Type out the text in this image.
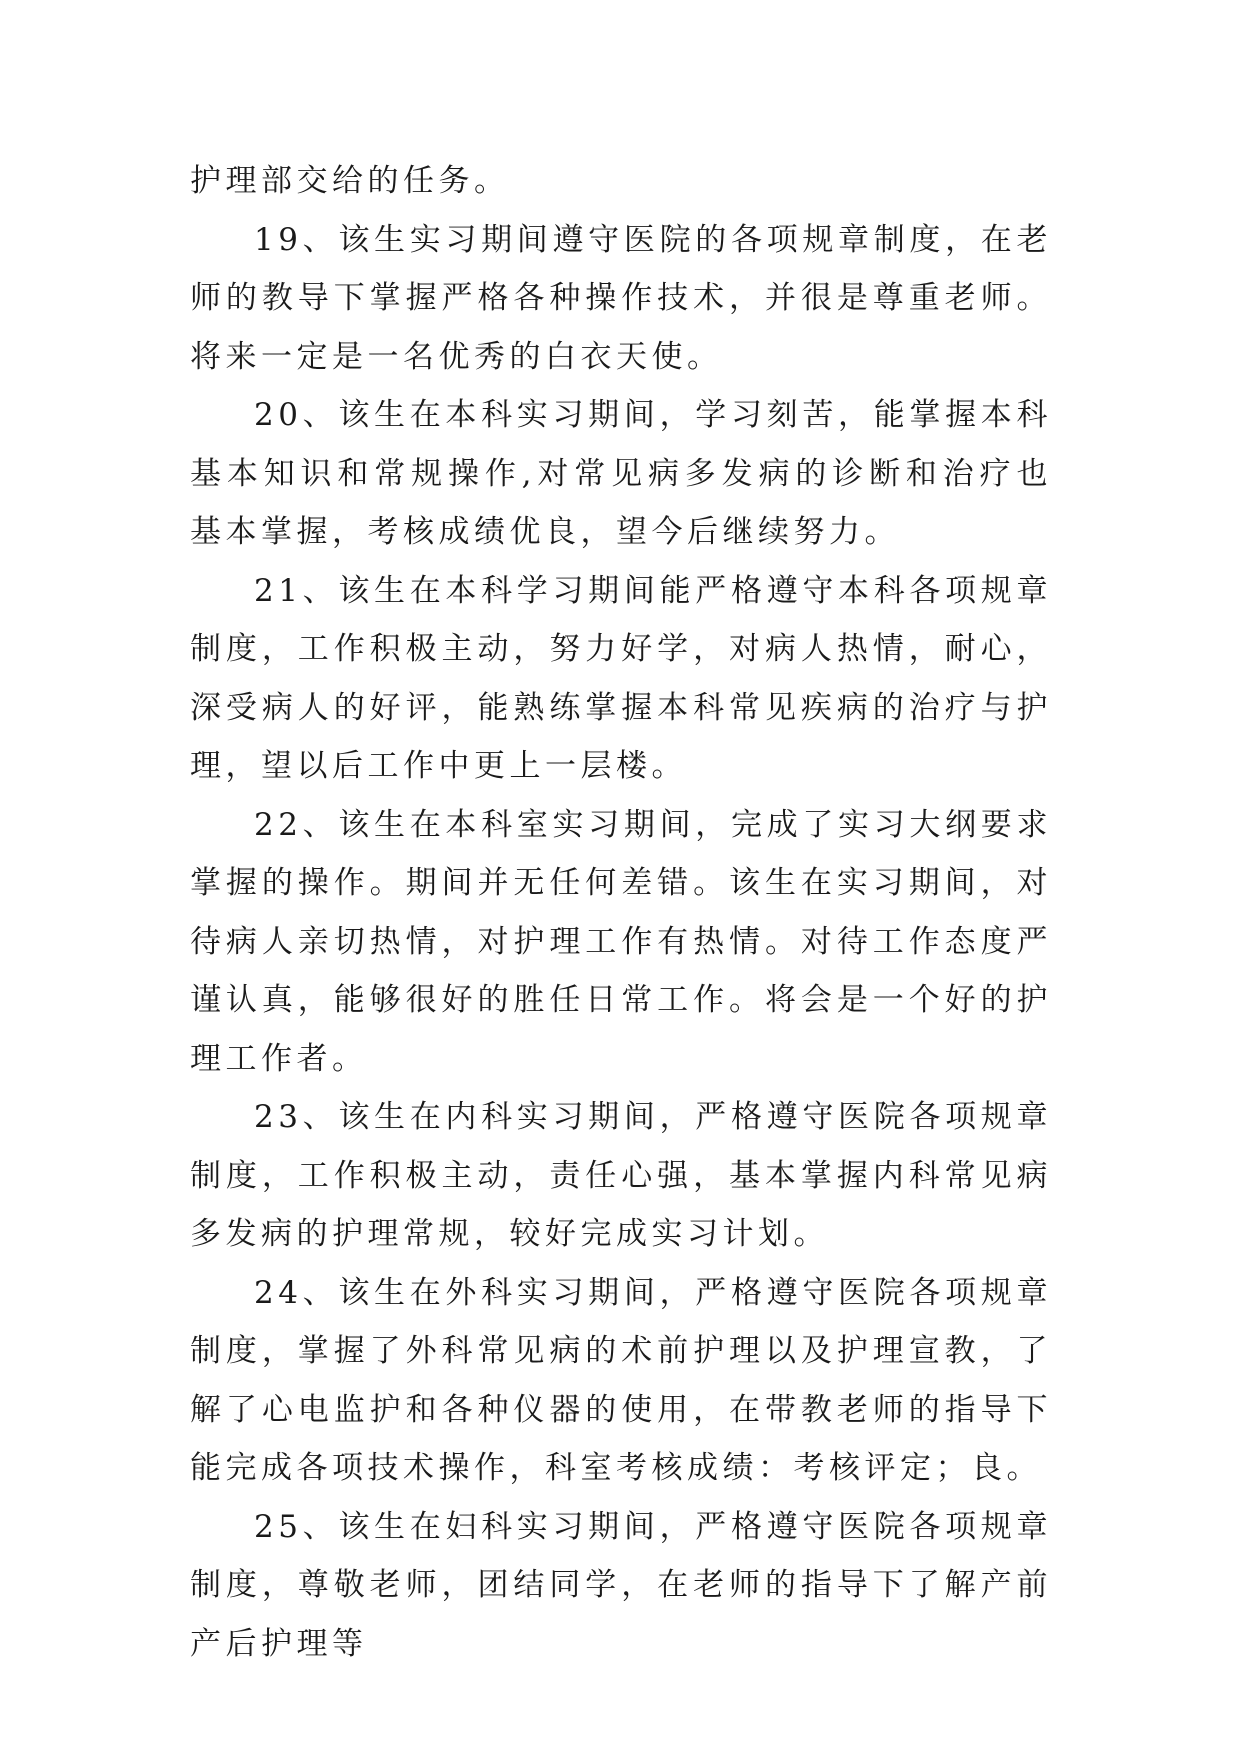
护理部交给的任务。

19、该生实习期间遵守医院的各项规章制度，在老师的教导下掌握严格各种操作技术，并很是尊重老师。将来一定是一名优秀的白衣天使。

20、该生在本科实习期间，学习刻苦，能掌握本科基本知识和常规操作,对常见病多发病的诊断和治疗也基本掌握，考核成绩优良，望今后继续努力。

21、该生在本科学习期间能严格遵守本科各项规章制度，工作积极主动，努力好学，对病人热情，耐心，深受病人的好评，能熟练掌握本科常见疾病的治疗与护理，望以后工作中更上一层楼。

22、该生在本科室实习期间，完成了实习大纲要求掌握的操作。期间并无任何差错。该生在实习期间，对待病人亲切热情，对护理工作有热情。对待工作态度严谨认真，能够很好的胜任日常工作。将会是一个好的护理工作者。

23、该生在内科实习期间，严格遵守医院各项规章制度，工作积极主动，责任心强，基本掌握内科常见病多发病的护理常规，较好完成实习计划。

24、该生在外科实习期间，严格遵守医院各项规章制度，掌握了外科常见病的术前护理以及护理宣教，了解了心电监护和各种仪器的使用，在带教老师的指导下能完成各项技术操作，科室考核成绩：考核评定；良。

25、该生在妇科实习期间，严格遵守医院各项规章制度，尊敬老师，团结同学，在老师的指导下了解产前产后护理等
